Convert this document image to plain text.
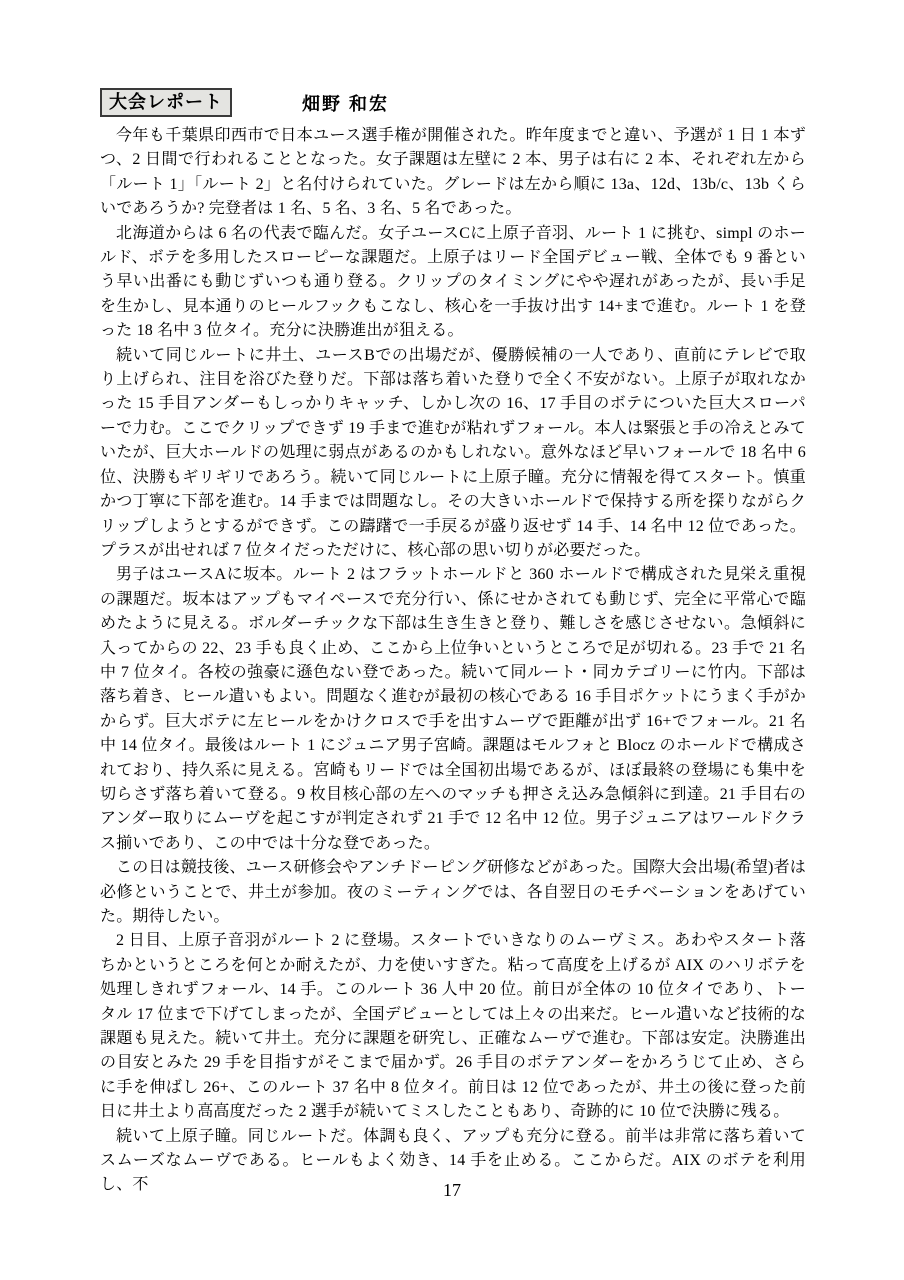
大会レポート	畑野 和宏

今年も千葉県印西市で日本ユース選手権が開催された。昨年度までと違い、予選が 1 日 1 本ずつ、2 日間で行われることとなった。女子課題は左壁に 2 本、男子は右に 2 本、それぞれ左から「ルート 1」「ルート 2」と名付けられていた。グレードは左から順に 13a、12d、13b/c、13b くらいであろうか? 完登者は 1 名、5 名、3 名、5 名であった。

北海道からは 6 名の代表で臨んだ。女子ユースCに上原子音羽、ルート 1 に挑む、simpl のホールド、ボテを多用したスローピーな課題だ。上原子はリード全国デビュー戦、全体でも 9 番という早い出番にも動じずいつも通り登る。クリップのタイミングにやや遅れがあったが、長い手足を生かし、見本通りのヒールフックもこなし、核心を一手抜け出す 14+まで進む。ルート 1 を登った 18 名中 3 位タイ。充分に決勝進出が狙える。

続いて同じルートに井土、ユースBでの出場だが、優勝候補の一人であり、直前にテレビで取り上げられ、注目を浴びた登りだ。下部は落ち着いた登りで全く不安がない。上原子が取れなかった 15 手目アンダーもしっかりキャッチ、しかし次の 16、17 手目のボテについた巨大スローパーで力む。ここでクリップできず 19 手まで進むが粘れずフォール。本人は緊張と手の冷えとみていたが、巨大ホールドの処理に弱点があるのかもしれない。意外なほど早いフォールで 18 名中 6 位、決勝もギリギリであろう。続いて同じルートに上原子瞳。充分に情報を得てスタート。慎重かつ丁寧に下部を進む。14 手までは問題なし。その大きいホールドで保持する所を探りながらクリップしようとするができず。この躊躇で一手戻るが盛り返せず 14 手、14 名中 12 位であった。プラスが出せれば 7 位タイだっただけに、核心部の思い切りが必要だった。

男子はユースAに坂本。ルート 2 はフラットホールドと 360 ホールドで構成された見栄え重視の課題だ。坂本はアップもマイペースで充分行い、係にせかされても動じず、完全に平常心で臨めたように見える。ボルダーチックな下部は生き生きと登り、難しさを感じさせない。急傾斜に入ってからの 22、23 手も良く止め、ここから上位争いというところで足が切れる。23 手で 21 名中 7 位タイ。各校の強豪に遜色ない登であった。続いて同ルート・同カテゴリーに竹内。下部は落ち着き、ヒール遣いもよい。問題なく進むが最初の核心である 16 手目ポケットにうまく手がかからず。巨大ボテに左ヒールをかけクロスで手を出すムーヴで距離が出ず 16+でフォール。21 名中 14 位タイ。最後はルート 1 にジュニア男子宮崎。課題はモルフォと Blocz のホールドで構成されており、持久系に見える。宮崎もリードでは全国初出場であるが、ほぼ最終の登場にも集中を切らさず落ち着いて登る。9 枚目核心部の左へのマッチも押さえ込み急傾斜に到達。21 手目右のアンダー取りにムーヴを起こすが判定されず 21 手で 12 名中 12 位。男子ジュニアはワールドクラス揃いであり、この中では十分な登であった。

この日は競技後、ユース研修会やアンチドーピング研修などがあった。国際大会出場(希望)者は必修ということで、井土が参加。夜のミーティングでは、各自翌日のモチベーションをあげていた。期待したい。

2 日目、上原子音羽がルート 2 に登場。スタートでいきなりのムーヴミス。あわやスタート落ちかというところを何とか耐えたが、力を使いすぎた。粘って高度を上げるが AIX のハリボテを処理しきれずフォール、14 手。このルート 36 人中 20 位。前日が全体の 10 位タイであり、トータル 17 位まで下げてしまったが、全国デビューとしては上々の出来だ。ヒール遣いなど技術的な課題も見えた。続いて井土。充分に課題を研究し、正確なムーヴで進む。下部は安定。決勝進出の目安とみた 29 手を目指すがそこまで届かず。26 手目のボテアンダーをかろうじて止め、さらに手を伸ばし 26+、このルート 37 名中 8 位タイ。前日は 12 位であったが、井土の後に登った前日に井土より高高度だった 2 選手が続いてミスしたこともあり、奇跡的に 10 位で決勝に残る。

続いて上原子瞳。同じルートだ。体調も良く、アップも充分に登る。前半は非常に落ち着いてスムーズなムーヴである。ヒールもよく効き、14 手を止める。ここからだ。AIX のボテを利用し、不	17
